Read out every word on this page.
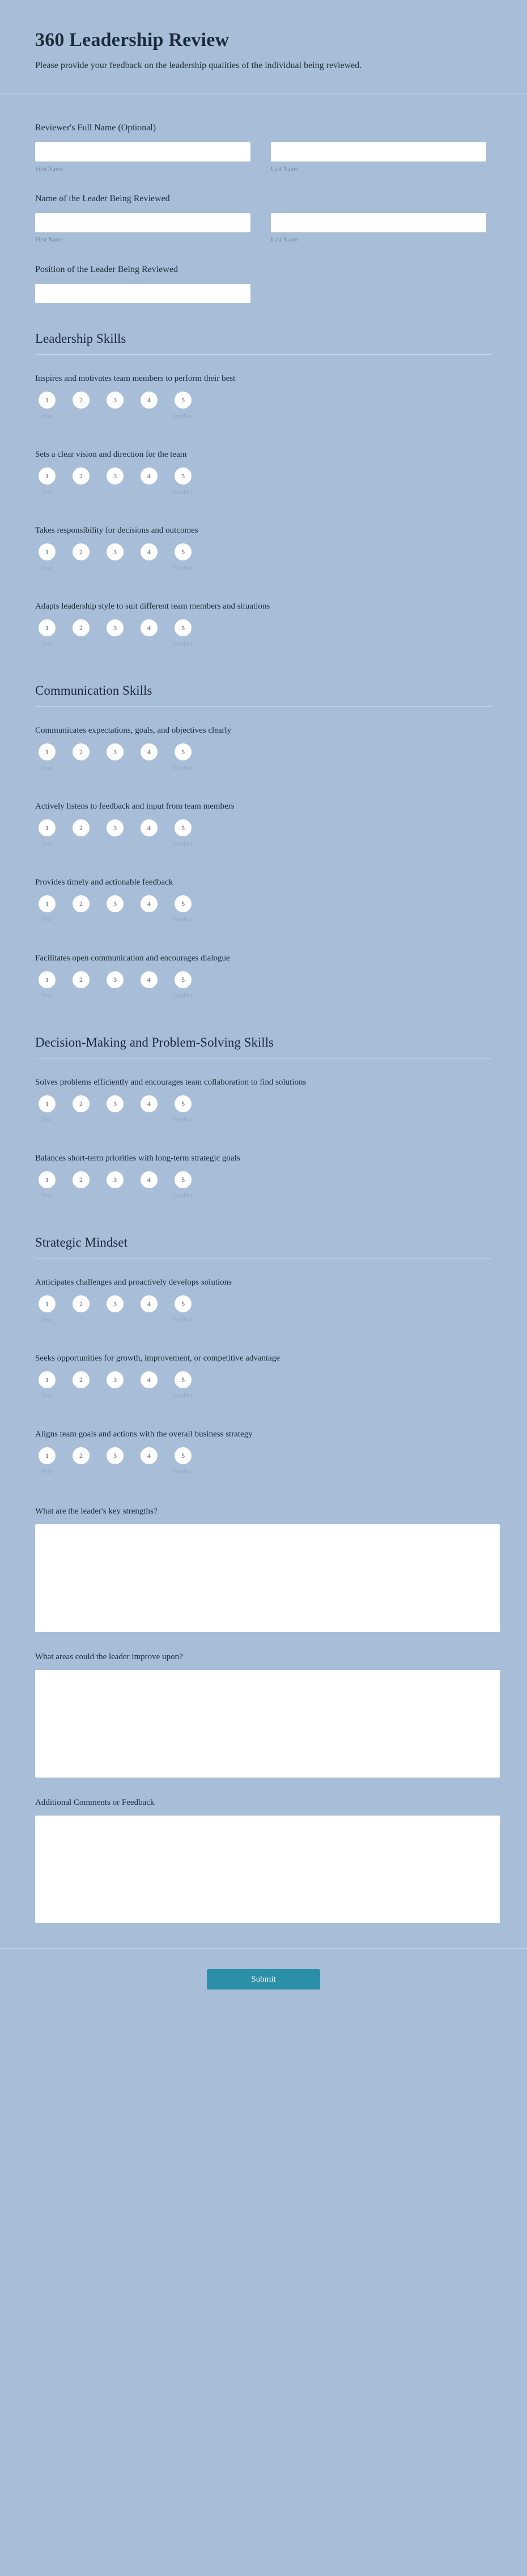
360 Leadership Review

Please provide your feedback on the leadership qualities of the individual being reviewed.

Reviewer's Full Name (Optional)
First Name	Last Name
Name of the Leader Being Reviewed
First Name	Last Name
Position of the Leader Being Reviewed
Leadership Skills
Inspires and motivates team members to perform their best
1
Poor
2	3	4	5
Excellent
Sets a clear vision and direction for the team
1
Poor
2	3	4	5
Excellent
Takes responsibility for decisions and outcomes
1
Poor
2	3	4	5
Excellent
Adapts leadership style to suit different team members and situations
1
Poor
2	3	4	5
Excellent
Communication Skills
Communicates expectations, goals, and objectives clearly
1
Poor
2	3	4	5
Excellent
Actively listens to feedback and input from team members
1
Poor
2	3	4	5
Excellent
Provides timely and actionable feedback
1
Poor
2	3	4	5
Excellent
Facilitates open communication and encourages dialogue
1
Poor
2	3	4	5
Excellent
Decision-Making and Problem-Solving Skills
Solves problems efficiently and encourages team collaboration to find solutions
1
Poor
2	3	4	5
Excellent
Balances short-term priorities with long-term strategic goals
1
Poor
2	3	4	5
Excellent
Strategic Mindset
Anticipates challenges and proactively develops solutions
1
Poor
2	3	4	5
Excellent
Seeks opportunities for growth, improvement, or competitive advantage
1
Poor
2	3	4	5
Excellent
Aligns team goals and actions with the overall business strategy
1
Poor
2	3	4	5
Excellent
What are the leader's key strengths?
What areas could the leader improve upon?
Additional Comments or Feedback
Submit
